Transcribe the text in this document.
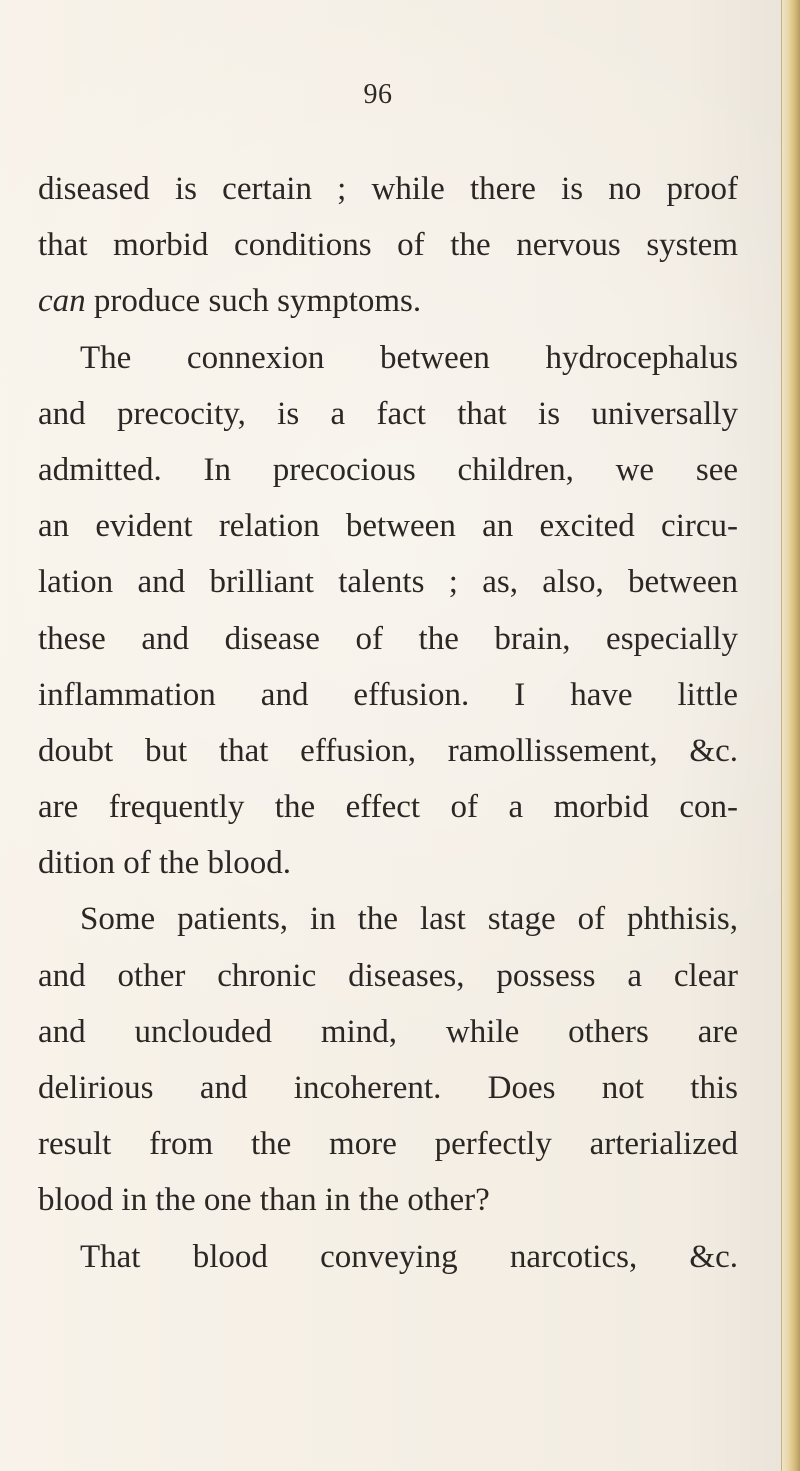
96
diseased is certain ; while there is no proof
that morbid conditions of the nervous system
can produce such symptoms.
The connexion between hydrocephalus
and precocity, is a fact that is universally
admitted. In precocious children, we see
an evident relation between an excited circu-
lation and brilliant talents ; as, also, between
these and disease of the brain, especially
inflammation and effusion. I have little
doubt but that effusion, ramollissement, &c.
are frequently the effect of a morbid con-
dition of the blood.
Some patients, in the last stage of phthisis,
and other chronic diseases, possess a clear
and unclouded mind, while others are
delirious and incoherent. Does not this
result from the more perfectly arterialized
blood in the one than in the other?
That blood conveying narcotics, &c.
